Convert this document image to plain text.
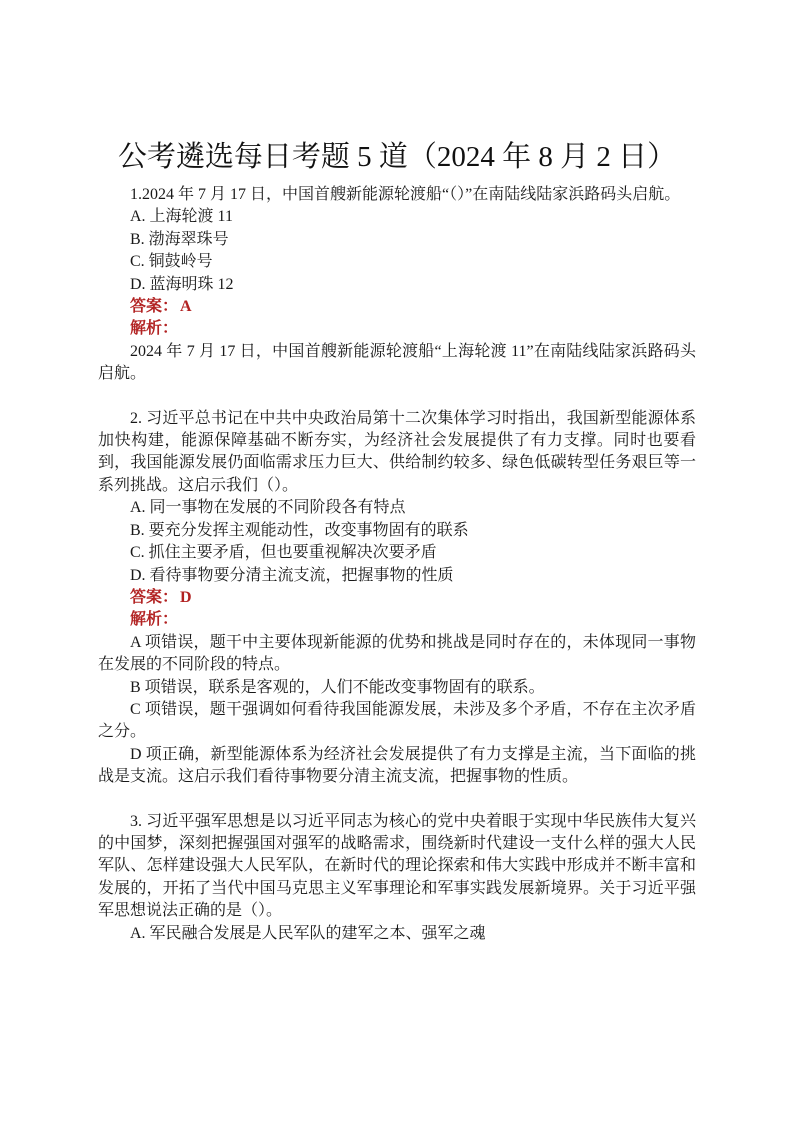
公考遴选每日考题 5 道（2024 年 8 月 2 日）

1.2024 年 7 月 17 日，中国首艘新能源轮渡船“（）”在南陆线陆家浜路码头启航。

A. 上海轮渡 11

B. 渤海翠珠号

C. 铜鼓岭号

D. 蓝海明珠 12

答案： A

解析：

2024 年 7 月 17 日，中国首艘新能源轮渡船“上海轮渡 11”在南陆线陆家浜路码头启航。

2. 习近平总书记在中共中央政治局第十二次集体学习时指出，我国新型能源体系加快构建，能源保障基础不断夯实，为经济社会发展提供了有力支撑。同时也要看到，我国能源发展仍面临需求压力巨大、供给制约较多、绿色低碳转型任务艰巨等一系列挑战。这启示我们（）。

A. 同一事物在发展的不同阶段各有特点

B. 要充分发挥主观能动性，改变事物固有的联系

C. 抓住主要矛盾，但也要重视解决次要矛盾

D. 看待事物要分清主流支流，把握事物的性质

答案： D

解析：

A 项错误，题干中主要体现新能源的优势和挑战是同时存在的，未体现同一事物在发展的不同阶段的特点。

B 项错误，联系是客观的，人们不能改变事物固有的联系。

C 项错误，题干强调如何看待我国能源发展，未涉及多个矛盾，不存在主次矛盾之分。

D 项正确，新型能源体系为经济社会发展提供了有力支撑是主流，当下面临的挑战是支流。这启示我们看待事物要分清主流支流，把握事物的性质。

3. 习近平强军思想是以习近平同志为核心的党中央着眼于实现中华民族伟大复兴的中国梦，深刻把握强国对强军的战略需求，围绕新时代建设一支什么样的强大人民军队、怎样建设强大人民军队，在新时代的理论探索和伟大实践中形成并不断丰富和发展的，开拓了当代中国马克思主义军事理论和军事实践发展新境界。关于习近平强军思想说法正确的是（）。

A. 军民融合发展是人民军队的建军之本、强军之魂
